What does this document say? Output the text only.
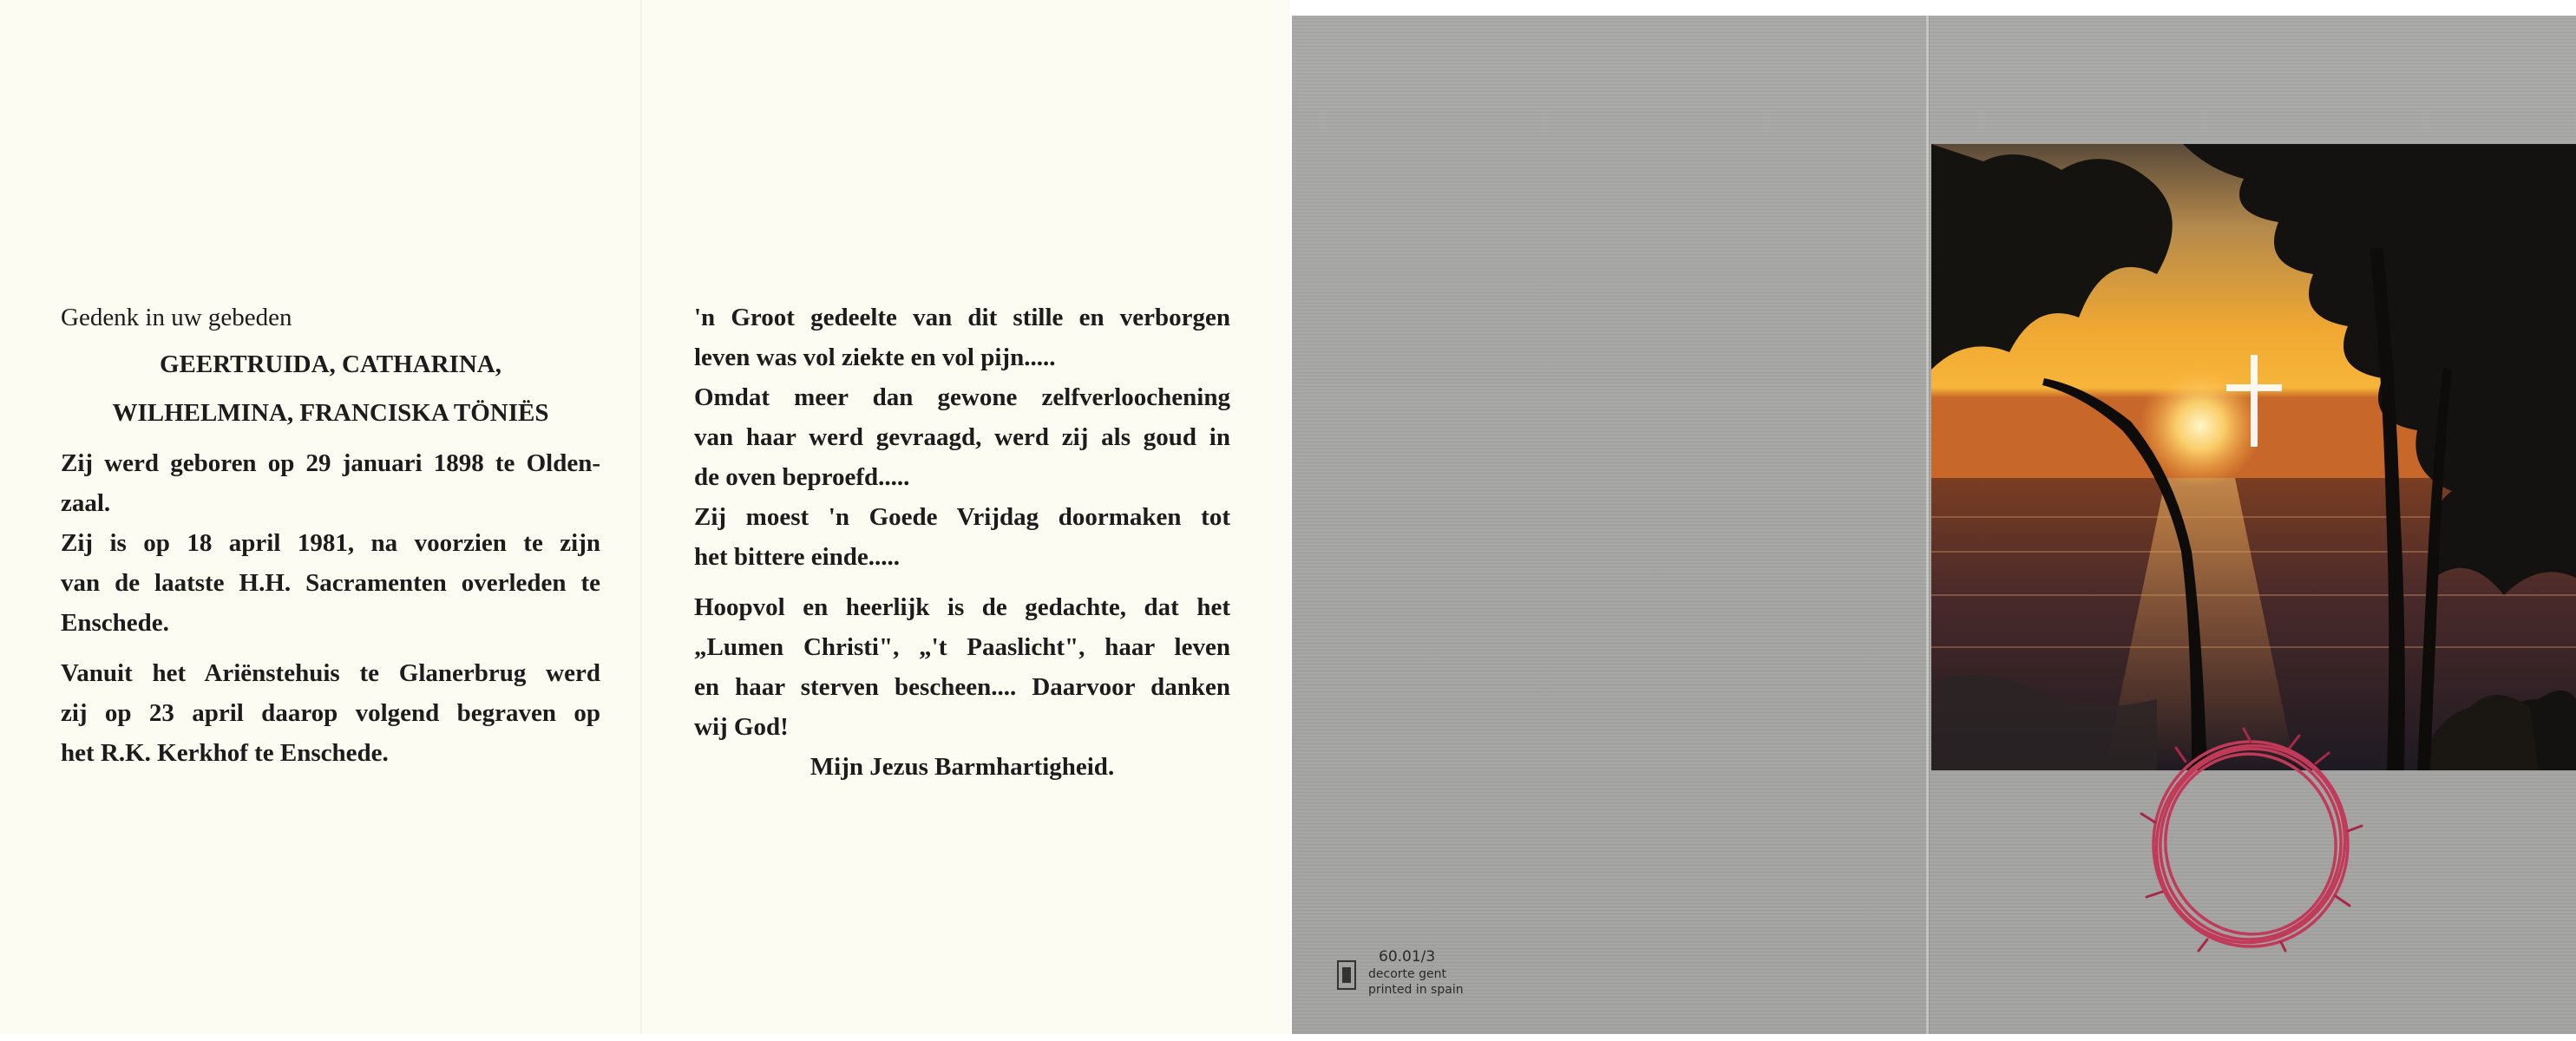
Gedenk in uw gebeden

GEERTRUIDA, CATHARINA,

WILHELMINA, FRANCISKA TÖNIËS

Zij werd geboren op 29 januari 1898 te Olden-

zaal.

Zij is op 18 april 1981, na voorzien te zijn

van de laatste H.H. Sacramenten overleden te

Enschede.

Vanuit het Ariënstehuis te Glanerbrug werd

zij op 23 april daarop volgend begraven op

het R.K. Kerkhof te Enschede.

'n Groot gedeelte van dit stille en verborgen

leven was vol ziekte en vol pijn.....

Omdat meer dan gewone zelfverloochening

van haar werd gevraagd, werd zij als goud in

de oven beproefd.....

Zij moest 'n Goede Vrijdag doormaken tot

het bittere einde.....

Hoopvol en heerlijk is de gedachte, dat het

„Lumen Christi", „'t Paaslicht", haar leven

en haar sterven bescheen.... Daarvoor danken

wij God!

Mijn Jezus Barmhartigheid.

60.01/3
decorte gent
printed in spain
